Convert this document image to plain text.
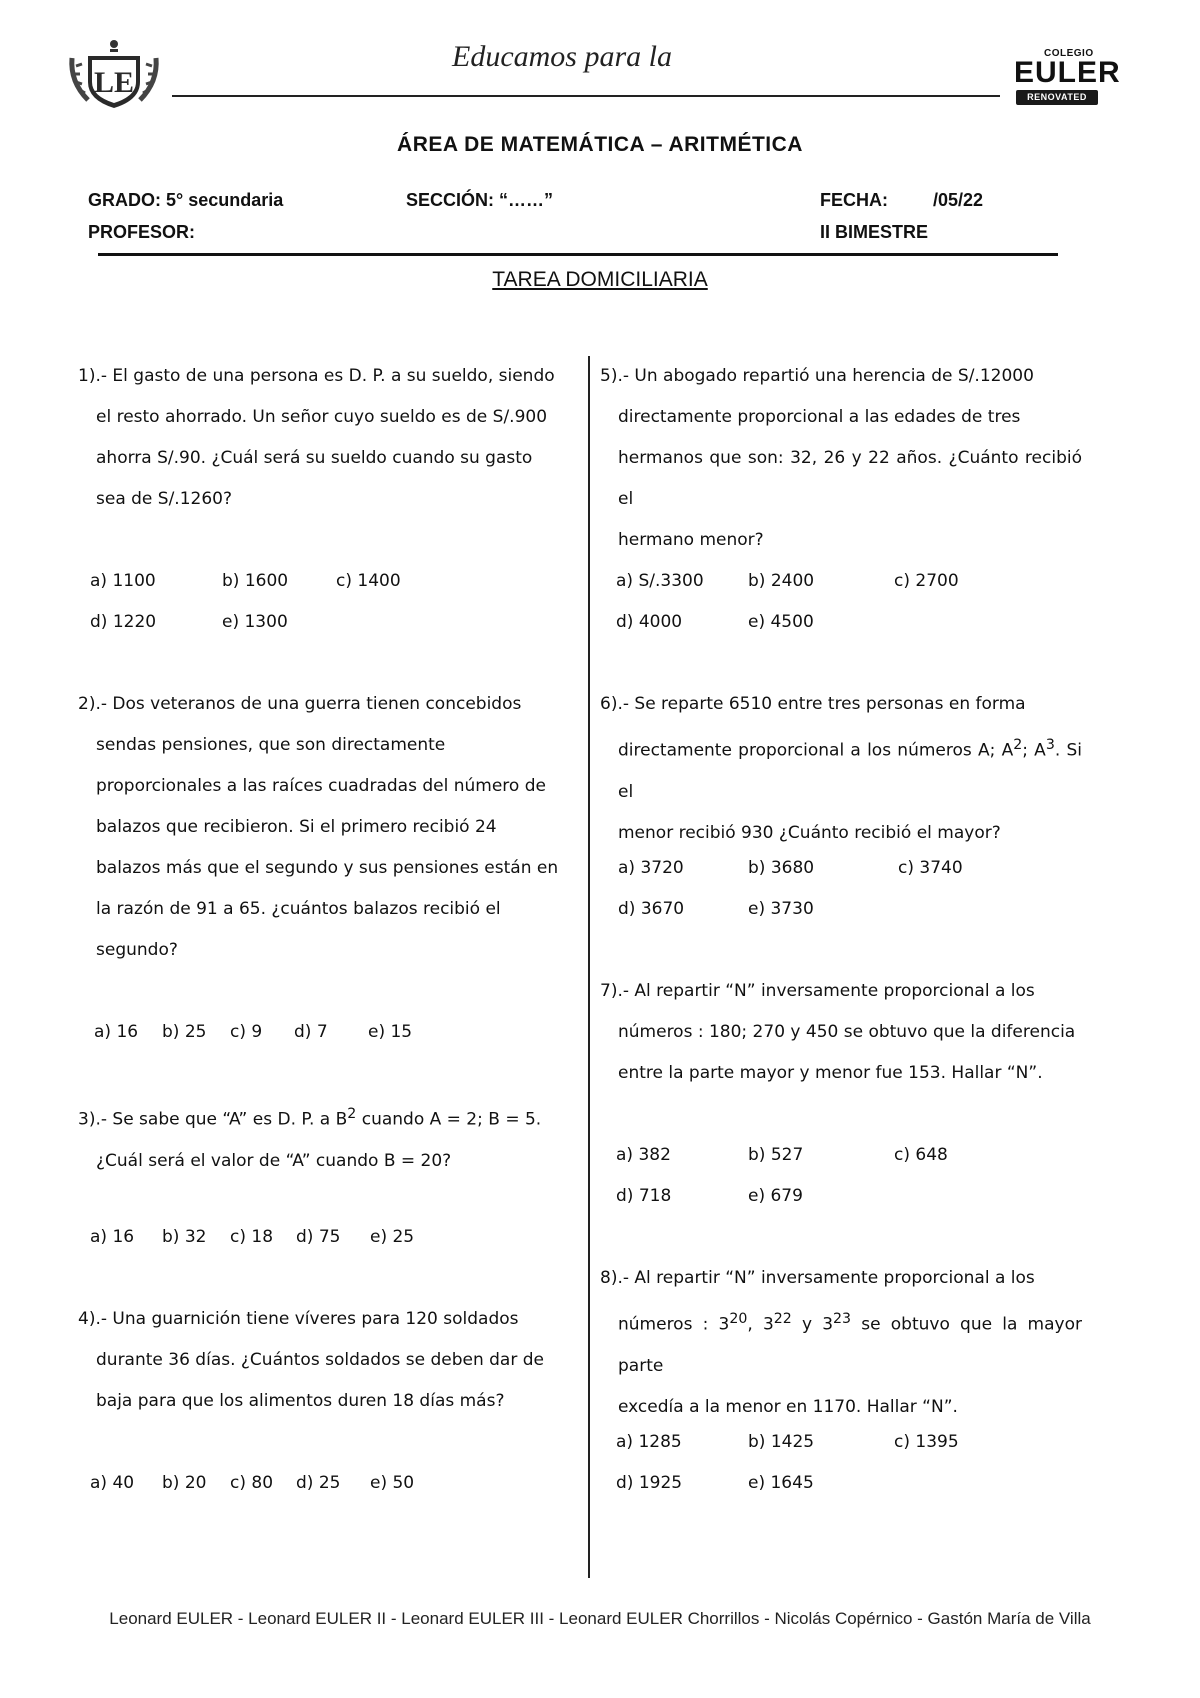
LE
Educamos para la	COLEGIO
EULER
RENOVATED
ÁREA DE MATEMÁTICA – ARITMÉTICA
GRADO: 5° secundaria	SECCIÓN: “……”	FECHA:	/05/22
PROFESOR:	II BIMESTRE
TAREA DOMICILIARIA
1).- El gasto de una persona es D. P. a su sueldo, siendo
el resto ahorrado. Un señor cuyo sueldo es de S/.900
ahorra S/.90. ¿Cuál será su sueldo cuando su gasto
sea de S/.1260?
a) 1100	b) 1600	c) 1400
d) 1220	e) 1300
2).- Dos veteranos de una guerra tienen concebidos
sendas pensiones, que son directamente
proporcionales a las raíces cuadradas del número de
balazos que recibieron. Si el primero recibió 24
balazos más que el segundo y sus pensiones están en
la razón de 91 a 65. ¿cuántos balazos recibió el
segundo?
a) 16 b) 25 c) 9 d) 7 e) 15
3).- Se sabe que “A” es D. P. a $B^2$ cuando A = 2; B = 5.
¿Cuál será el valor de “A” cuando B = 20?
a) 16 b) 32 c) 18 d) 75 e) 25
4).- Una guarnición tiene víveres para 120 soldados
durante 36 días. ¿Cuántos soldados se deben dar de
baja para que los alimentos duren 18 días más?
a) 40 b) 20 c) 80 d) 25 e) 50
5).- Un abogado repartió una herencia de S/.12000
directamente proporcional a las edades de tres
hermanos que son: 32, 26 y 22 años. ¿Cuánto recibió el
hermano menor?
a) S/.3300	b) 2400	c) 2700
d) 4000	e) 4500
6).- Se reparte 6510 entre tres personas en forma
directamente proporcional a los números A; $A^2$; $A^3$. Si el
menor recibió 930 ¿Cuánto recibió el mayor?
a) 3720	b) 3680	c) 3740
d) 3670	e) 3730
7).- Al repartir “N” inversamente proporcional a los
números : 180; 270 y 450 se obtuvo que la diferencia
entre la parte mayor y menor fue 153. Hallar “N”.
a) 382	b) 527	c) 648
d) 718	e) 679
8).- Al repartir “N” inversamente proporcional a los
números : $3^{20}$, $3^{22}$ y $3^{23}$ se obtuvo que la mayor parte
excedía a la menor en 1170. Hallar “N”.
a) 1285	b) 1425	c) 1395
d) 1925	e) 1645
Leonard EULER - Leonard EULER II - Leonard EULER III - Leonard EULER Chorrillos - Nicolás Copérnico - Gastón María de Villa
